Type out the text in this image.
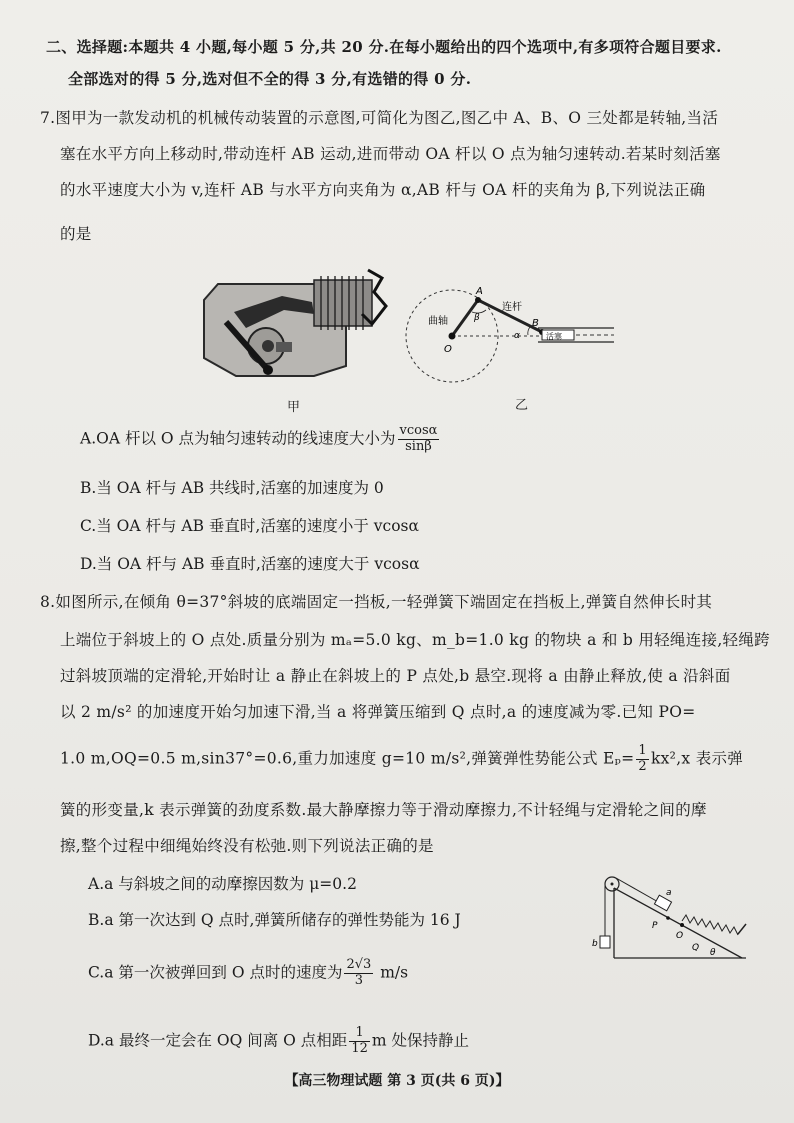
二、选择题:本题共 4 小题,每小题 5 分,共 20 分.在每小题给出的四个选项中,有多项符合题目要求.
全部选对的得 5 分,选对但不全的得 3 分,有选错的得 0 分.
7.图甲为一款发动机的机械传动装置的示意图,可简化为图乙,图乙中 A、B、O 三处都是转轴,当活
塞在水平方向上移动时,带动连杆 AB 运动,进而带动 OA 杆以 O 点为轴匀速转动.若某时刻活塞
的水平速度大小为 v,连杆 AB 与水平方向夹角为 α,AB 杆与 OA 杆的夹角为 β,下列说法正确
的是
甲
A
B
O
曲轴
连杆
活塞
α
β
乙
A.OA 杆以 O 点为轴匀速转动的线速度大小为 $\frac{vcos\alpha}{\sin\beta}$
B.当 OA 杆与 AB 共线时,活塞的加速度为 0
C.当 OA 杆与 AB 垂直时,活塞的速度小于 vcosα
D.当 OA 杆与 AB 垂直时,活塞的速度大于 vcosα
8.如图所示,在倾角 θ=37°斜坡的底端固定一挡板,一轻弹簧下端固定在挡板上,弹簧自然伸长时其
上端位于斜坡上的 O 点处.质量分别为 mₐ=5.0 kg、m_b=1.0 kg 的物块 a 和 b 用轻绳连接,轻绳跨
过斜坡顶端的定滑轮,开始时让 a 静止在斜坡上的 P 点处,b 悬空.现将 a 由静止释放,使 a 沿斜面
以 2 m/s² 的加速度开始匀加速下滑,当 a 将弹簧压缩到 Q 点时,a 的速度减为零.已知 PO=
1.0 m,OQ=0.5 m,sin37°=0.6,重力加速度 g=10 m/s²,弹簧弹性势能公式 $E_p= \frac{1}{2} kx^2,x$ 表示弹
簧的形变量,k 表示弹簧的劲度系数.最大静摩擦力等于滑动摩擦力,不计轻绳与定滑轮之间的摩
擦,整个过程中细绳始终没有松弛.则下列说法正确的是
A.a 与斜坡之间的动摩擦因数为 μ=0.2
B.a 第一次达到 Q 点时,弹簧所储存的弹性势能为 16 J
C.a 第一次被弹回到 O 点时的速度为 $\frac{2√3}{3} m/s$
D.a 最终一定会在 OQ 间离 O 点相距 $\frac{1}{12}$ m 处保持静止
a
b
P
O
Q θ
【高三物理试题 第 3 页(共 6 页)】
